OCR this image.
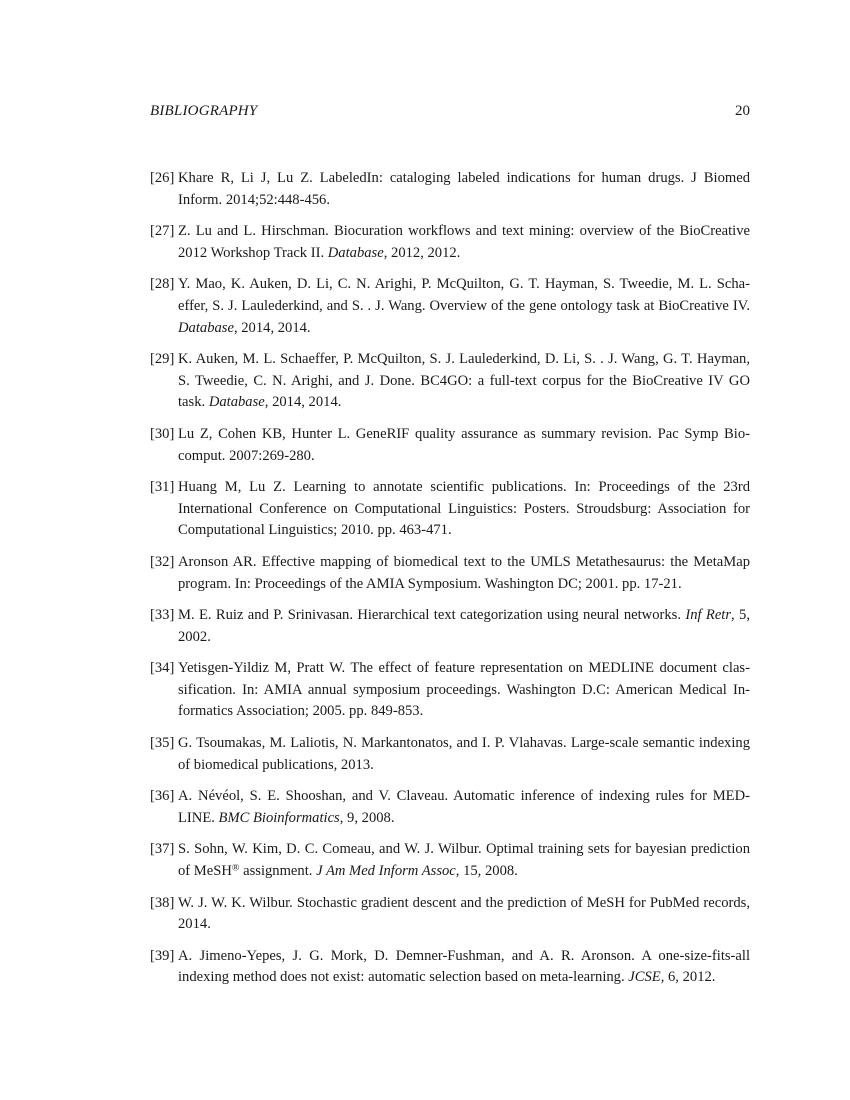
BIBLIOGRAPHY	20
[26] Khare R, Li J, Lu Z. LabeledIn: cataloging labeled indications for human drugs. J Biomed Inform. 2014;52:448-456.
[27] Z. Lu and L. Hirschman. Biocuration workflows and text mining: overview of the BioCreative 2012 Workshop Track II. Database, 2012, 2012.
[28] Y. Mao, K. Auken, D. Li, C. N. Arighi, P. McQuilton, G. T. Hayman, S. Tweedie, M. L. Schaeffer, S. J. Laulederkind, and S. . J. Wang. Overview of the gene ontology task at BioCreative IV. Database, 2014, 2014.
[29] K. Auken, M. L. Schaeffer, P. McQuilton, S. J. Laulederkind, D. Li, S. . J. Wang, G. T. Hayman, S. Tweedie, C. N. Arighi, and J. Done. BC4GO: a full-text corpus for the BioCreative IV GO task. Database, 2014, 2014.
[30] Lu Z, Cohen KB, Hunter L. GeneRIF quality assurance as summary revision. Pac Symp Biocomput. 2007:269-280.
[31] Huang M, Lu Z. Learning to annotate scientific publications. In: Proceedings of the 23rd International Conference on Computational Linguistics: Posters. Stroudsburg: Association for Computational Linguistics; 2010. pp. 463-471.
[32] Aronson AR. Effective mapping of biomedical text to the UMLS Metathesaurus: the MetaMap program. In: Proceedings of the AMIA Symposium. Washington DC; 2001. pp. 17-21.
[33] M. E. Ruiz and P. Srinivasan. Hierarchical text categorization using neural networks. Inf Retr, 5, 2002.
[34] Yetisgen-Yildiz M, Pratt W. The effect of feature representation on MEDLINE document classification. In: AMIA annual symposium proceedings. Washington D.C: American Medical Informatics Association; 2005. pp. 849-853.
[35] G. Tsoumakas, M. Laliotis, N. Markantonatos, and I. P. Vlahavas. Large-scale semantic indexing of biomedical publications, 2013.
[36] A. Névéol, S. E. Shooshan, and V. Claveau. Automatic inference of indexing rules for MEDLINE. BMC Bioinformatics, 9, 2008.
[37] S. Sohn, W. Kim, D. C. Comeau, and W. J. Wilbur. Optimal training sets for bayesian prediction of MeSH® assignment. J Am Med Inform Assoc, 15, 2008.
[38] W. J. W. K. Wilbur. Stochastic gradient descent and the prediction of MeSH for PubMed records, 2014.
[39] A. Jimeno-Yepes, J. G. Mork, D. Demner-Fushman, and A. R. Aronson. A one-size-fits-all indexing method does not exist: automatic selection based on meta-learning. JCSE, 6, 2012.
